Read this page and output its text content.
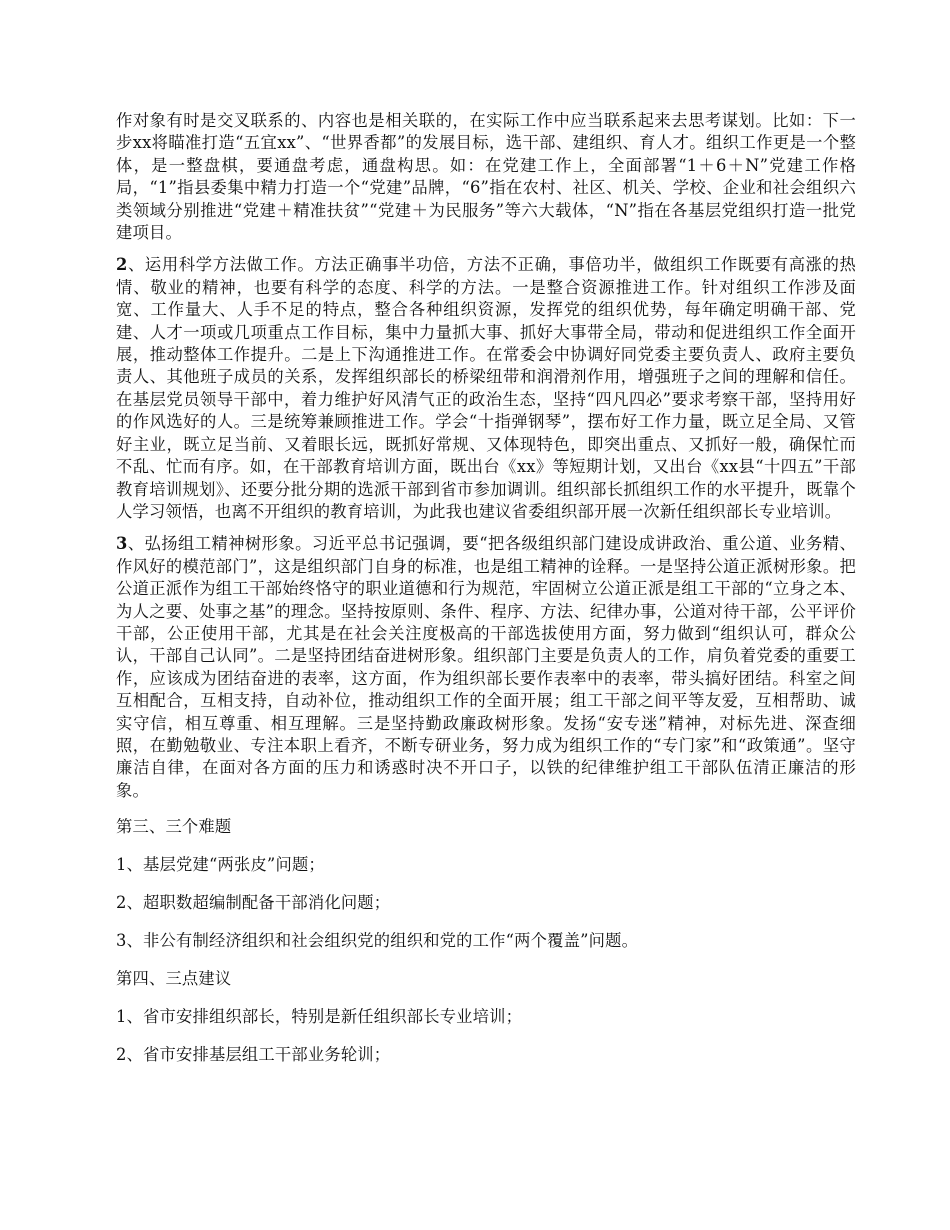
作对象有时是交叉联系的、内容也是相关联的，在实际工作中应当联系起来去思考谋划。比如：下一步xx将瞄准打造“五宜xx”、“世界香都”的发展目标，选干部、建组织、育人才。组织工作更是一个整体，是一整盘棋，要通盘考虑，通盘构思。如：在党建工作上，全面部署“1＋6＋N”党建工作格局，“1”指县委集中精力打造一个“党建”品牌，“6”指在农村、社区、机关、学校、企业和社会组织六类领域分别推进“党建＋精准扶贫”“党建＋为民服务”等六大载体，“N”指在各基层党组织打造一批党建项目。

2、运用科学方法做工作。方法正确事半功倍，方法不正确，事倍功半，做组织工作既要有高涨的热情、敬业的精神，也要有科学的态度、科学的方法。一是整合资源推进工作。针对组织工作涉及面宽、工作量大、人手不足的特点，整合各种组织资源，发挥党的组织优势，每年确定明确干部、党建、人才一项或几项重点工作目标，集中力量抓大事、抓好大事带全局，带动和促进组织工作全面开展，推动整体工作提升。二是上下沟通推进工作。在常委会中协调好同党委主要负责人、政府主要负责人、其他班子成员的关系，发挥组织部长的桥梁纽带和润滑剂作用，增强班子之间的理解和信任。在基层党员领导干部中，着力维护好风清气正的政治生态，坚持“四凡四必”要求考察干部，坚持用好的作风选好的人。三是统筹兼顾推进工作。学会“十指弹钢琴”，摆布好工作力量，既立足全局、又管好主业，既立足当前、又着眼长远，既抓好常规、又体现特色，即突出重点、又抓好一般，确保忙而不乱、忙而有序。如，在干部教育培训方面，既出台《xx》等短期计划，又出台《xx县“十四五”干部教育培训规划》、还要分批分期的选派干部到省市参加调训。组织部长抓组织工作的水平提升，既靠个人学习领悟，也离不开组织的教育培训，为此我也建议省委组织部开展一次新任组织部长专业培训。

3、弘扬组工精神树形象。习近平总书记强调，要“把各级组织部门建设成讲政治、重公道、业务精、作风好的模范部门”，这是组织部门自身的标准，也是组工精神的诠释。一是坚持公道正派树形象。把公道正派作为组工干部始终恪守的职业道德和行为规范，牢固树立公道正派是组工干部的“立身之本、为人之要、处事之基”的理念。坚持按原则、条件、程序、方法、纪律办事，公道对待干部，公平评价干部，公正使用干部，尤其是在社会关注度极高的干部选拔使用方面，努力做到“组织认可，群众公认，干部自己认同”。二是坚持团结奋进树形象。组织部门主要是负责人的工作，肩负着党委的重要工作，应该成为团结奋进的表率，这方面，作为组织部长要作表率中的表率，带头搞好团结。科室之间互相配合，互相支持，自动补位，推动组织工作的全面开展；组工干部之间平等友爱，互相帮助、诚实守信，相互尊重、相互理解。三是坚持勤政廉政树形象。发扬“安专迷”精神，对标先进、深查细照，在勤勉敬业、专注本职上看齐，不断专研业务，努力成为组织工作的“专门家”和“政策通”。坚守廉洁自律，在面对各方面的压力和诱惑时决不开口子，以铁的纪律维护组工干部队伍清正廉洁的形象。

第三、三个难题

1、基层党建“两张皮”问题；

2、超职数超编制配备干部消化问题；

3、非公有制经济组织和社会组织党的组织和党的工作“两个覆盖”问题。

第四、三点建议

1、省市安排组织部长，特别是新任组织部长专业培训；

2、省市安排基层组工干部业务轮训；
